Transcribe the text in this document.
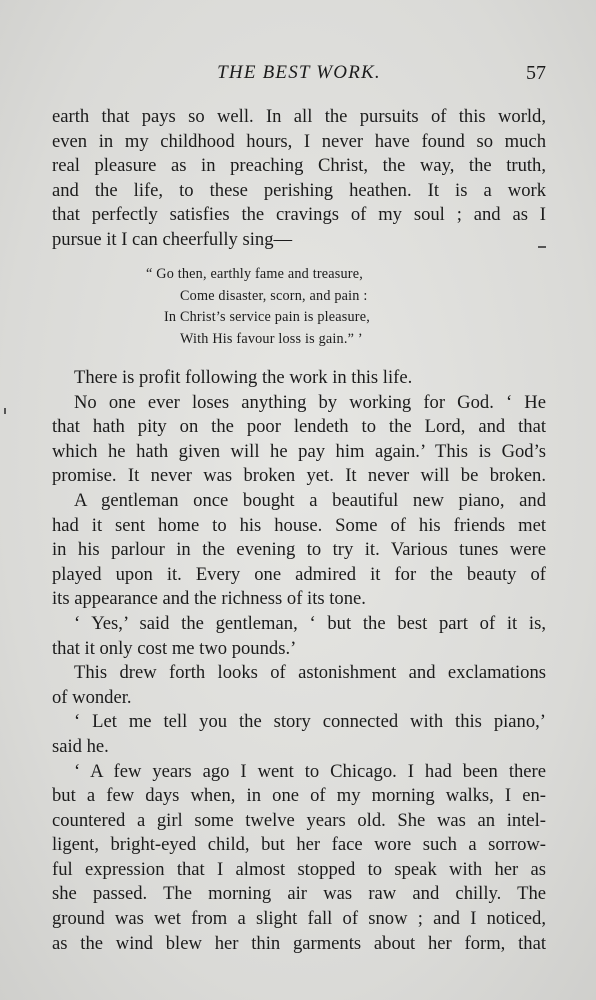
THE BEST WORK.	57
earth that pays so well. In all the pursuits of this world,
even in my childhood hours, I never have found so much
real pleasure as in preaching Christ, the way, the truth,
and the life, to these perishing heathen. It is a work
that perfectly satisfies the cravings of my soul ; and as I
pursue it I can cheerfully sing—
“ Go then, earthly fame and treasure,
Come disaster, scorn, and pain :
In Christ’s service pain is pleasure,
With His favour loss is gain.” ’
There is profit following the work in this life.
No one ever loses anything by working for God. ‘ He
that hath pity on the poor lendeth to the Lord, and that
which he hath given will he pay him again.’ This is God’s
promise. It never was broken yet. It never will be broken.
A gentleman once bought a beautiful new piano, and
had it sent home to his house. Some of his friends met
in his parlour in the evening to try it. Various tunes were
played upon it. Every one admired it for the beauty of
its appearance and the richness of its tone.
‘ Yes,’ said the gentleman, ‘ but the best part of it is,
that it only cost me two pounds.’
This drew forth looks of astonishment and exclamations
of wonder.
‘ Let me tell you the story connected with this piano,’
said he.
‘ A few years ago I went to Chicago. I had been there
but a few days when, in one of my morning walks, I en-
countered a girl some twelve years old. She was an intel-
ligent, bright-eyed child, but her face wore such a sorrow-
ful expression that I almost stopped to speak with her as
she passed. The morning air was raw and chilly. The
ground was wet from a slight fall of snow ; and I noticed,
as the wind blew her thin garments about her form, that
